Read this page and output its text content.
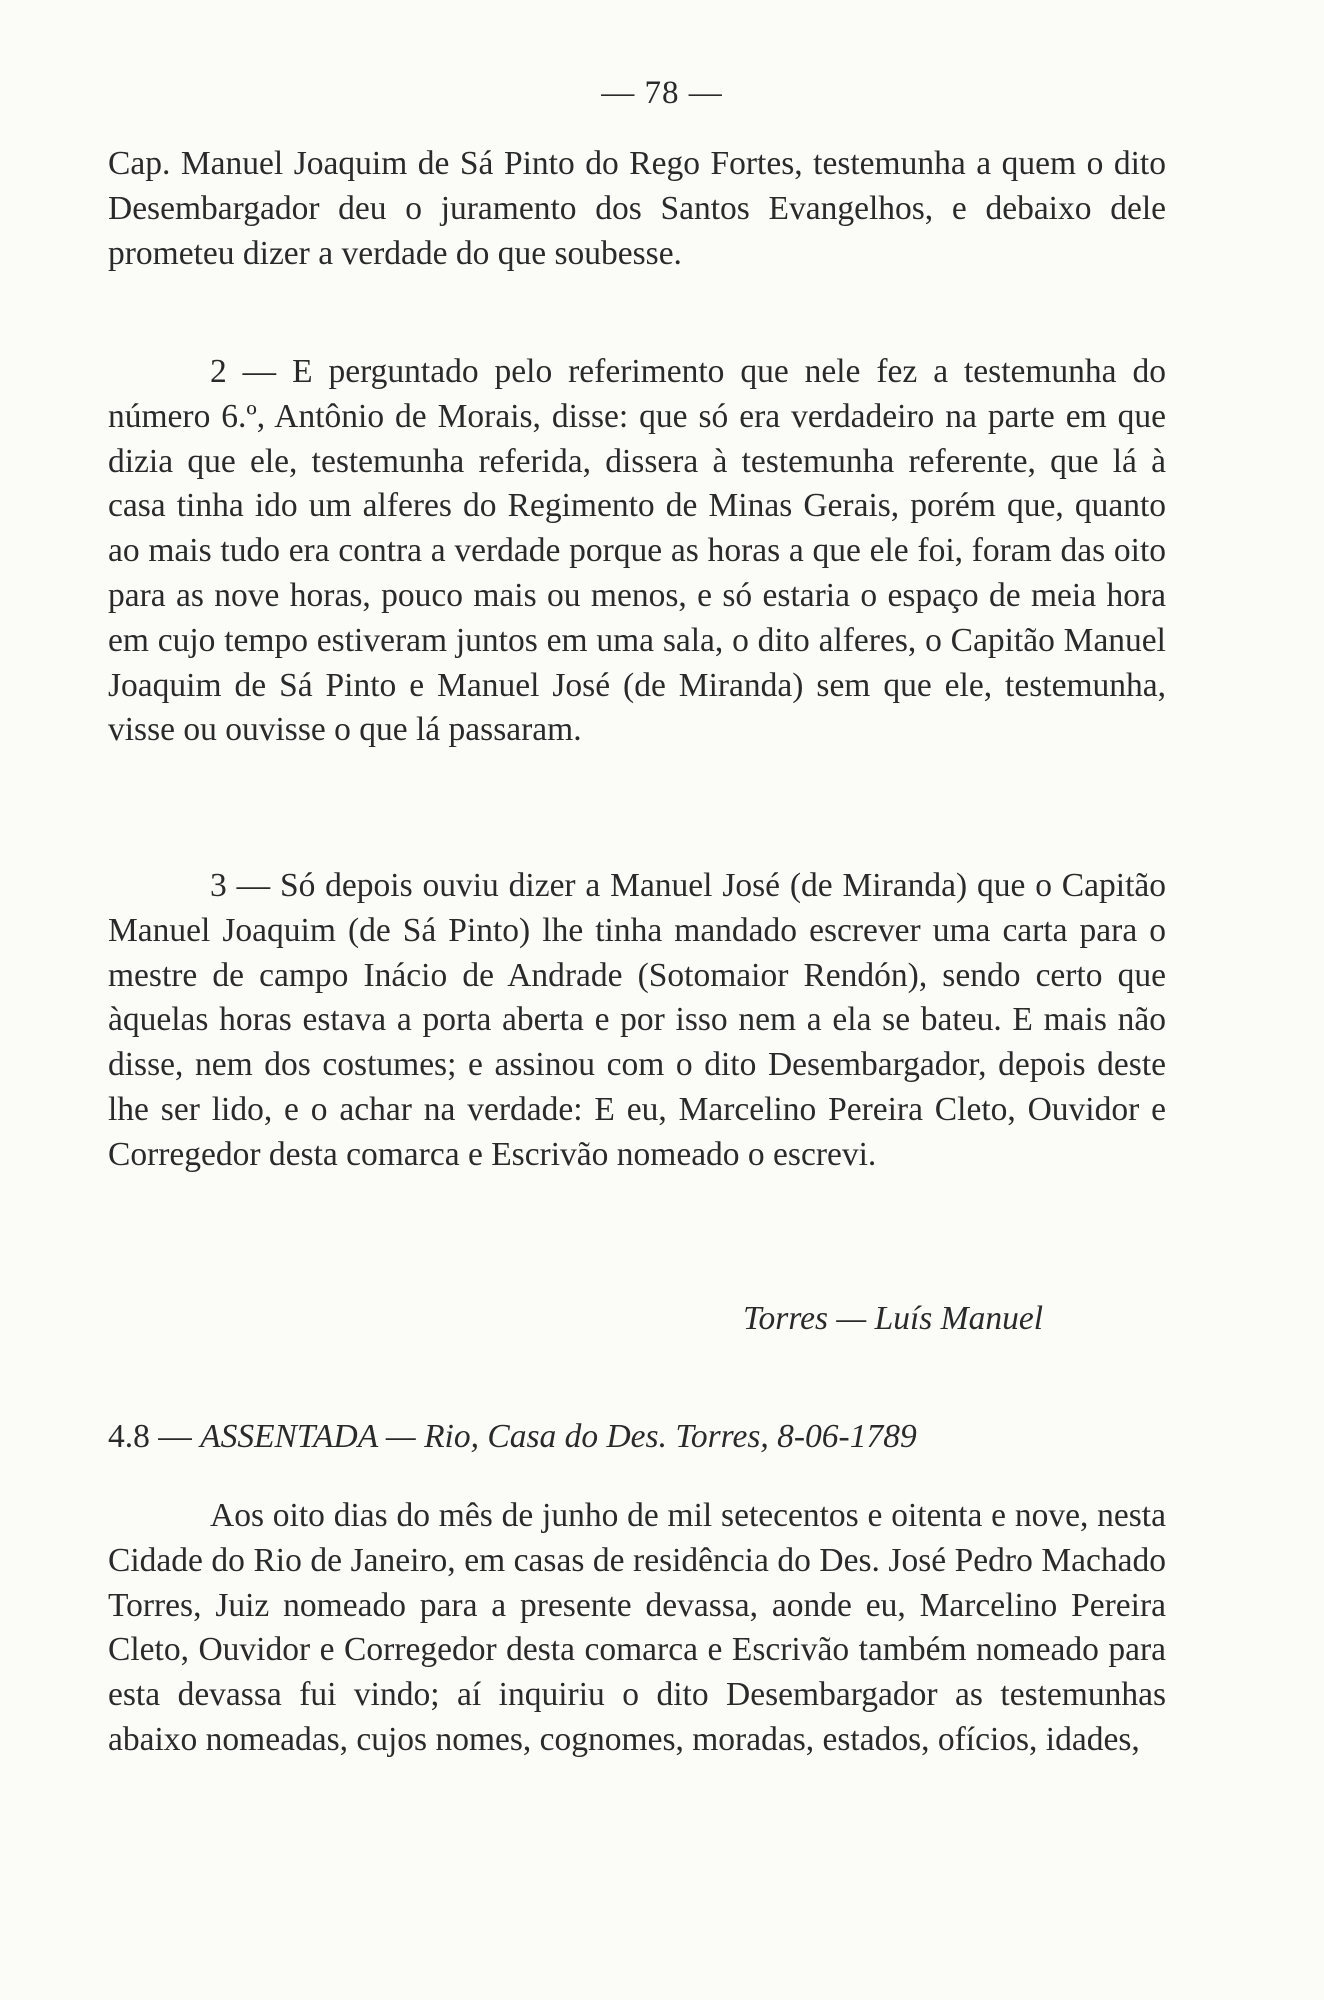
— 78 —

Cap. Manuel Joaquim de Sá Pinto do Rego Fortes, testemunha a quem o dito Desembargador deu o juramento dos Santos Evangelhos, e debaixo dele prometeu dizer a verdade do que soubesse.

2 — E perguntado pelo referimento que nele fez a testemunha do número 6.º, Antônio de Morais, disse: que só era verdadeiro na parte em que dizia que ele, testemunha referida, dissera à testemunha referente, que lá à casa tinha ido um alferes do Regimento de Minas Gerais, porém que, quanto ao mais tudo era contra a verdade porque as horas a que ele foi, foram das oito para as nove horas, pouco mais ou menos, e só estaria o espaço de meia hora em cujo tempo estiveram juntos em uma sala, o dito alferes, o Capitão Manuel Joaquim de Sá Pinto e Manuel José (de Miranda) sem que ele, testemunha, visse ou ouvisse o que lá passaram.

3 — Só depois ouviu dizer a Manuel José (de Miranda) que o Capitão Manuel Joaquim (de Sá Pinto) lhe tinha mandado escrever uma carta para o mestre de campo Inácio de Andrade (Sotomaior Rendón), sendo certo que àquelas horas estava a porta aberta e por isso nem a ela se bateu. E mais não disse, nem dos costumes; e assinou com o dito Desembargador, depois deste lhe ser lido, e o achar na verdade: E eu, Marcelino Pereira Cleto, Ouvidor e Corregedor desta comarca e Escrivão nomeado o escrevi.

Torres — Luís Manuel
4.8 — ASSENTADA — Rio, Casa do Des. Torres, 8-06-1789

Aos oito dias do mês de junho de mil setecentos e oitenta e nove, nesta Cidade do Rio de Janeiro, em casas de residência do Des. José Pedro Machado Torres, Juiz nomeado para a presente devassa, aonde eu, Marcelino Pereira Cleto, Ouvidor e Corregedor desta comarca e Escrivão também nomeado para esta devassa fui vindo; aí inquiriu o dito Desembargador as testemunhas abaixo nomeadas, cujos nomes, cognomes, moradas, estados, ofícios, idades,
